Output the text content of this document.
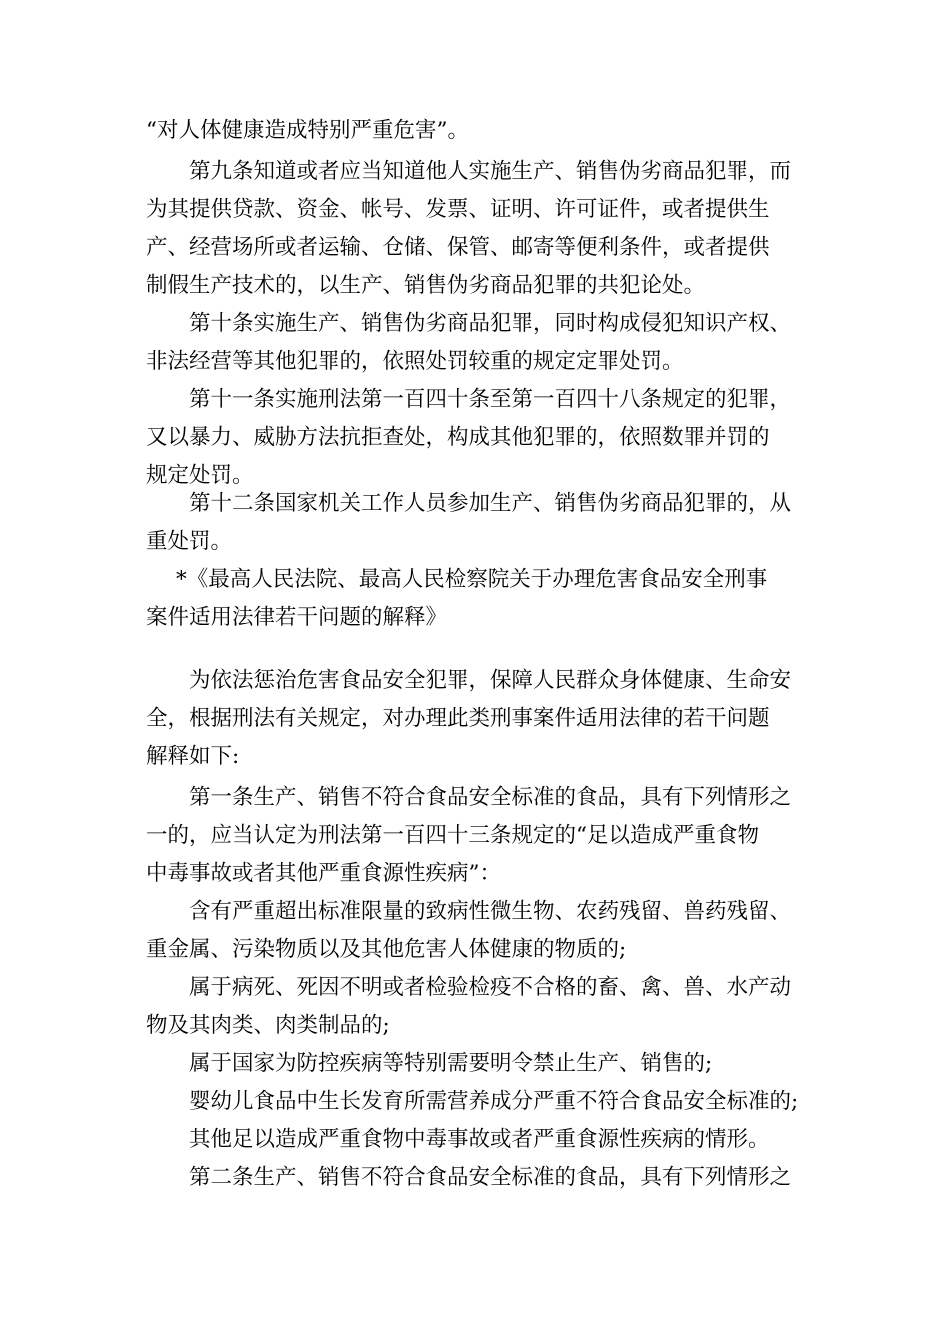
“对人体健康造成特别严重危害”。
第九条知道或者应当知道他人实施生产、销售伪劣商品犯罪，而
为其提供贷款、资金、帐号、发票、证明、许可证件，或者提供生
产、经营场所或者运输、仓储、保管、邮寄等便利条件，或者提供
制假生产技术的，以生产、销售伪劣商品犯罪的共犯论处。
第十条实施生产、销售伪劣商品犯罪，同时构成侵犯知识产权、
非法经营等其他犯罪的，依照处罚较重的规定定罪处罚。
第十一条实施刑法第一百四十条至第一百四十八条规定的犯罪，
又以暴力、威胁方法抗拒查处，构成其他犯罪的，依照数罪并罚的
规定处罚。
第十二条国家机关工作人员参加生产、销售伪劣商品犯罪的，从
重处罚。
*《最高人民法院、最高人民检察院关于办理危害食品安全刑事
案件适用法律若干问题的解释》
为依法惩治危害食品安全犯罪，保障人民群众身体健康、生命安
全，根据刑法有关规定，对办理此类刑事案件适用法律的若干问题
解释如下:
第一条生产、销售不符合食品安全标准的食品，具有下列情形之
一的，应当认定为刑法第一百四十三条规定的“足以造成严重食物
中毒事故或者其他严重食源性疾病”：
含有严重超出标准限量的致病性微生物、农药残留、兽药残留、
重金属、污染物质以及其他危害人体健康的物质的;
属于病死、死因不明或者检验检疫不合格的畜、禽、兽、水产动
物及其肉类、肉类制品的;
属于国家为防控疾病等特别需要明令禁止生产、销售的;
婴幼儿食品中生长发育所需营养成分严重不符合食品安全标准的;
其他足以造成严重食物中毒事故或者严重食源性疾病的情形。
第二条生产、销售不符合食品安全标准的食品，具有下列情形之
